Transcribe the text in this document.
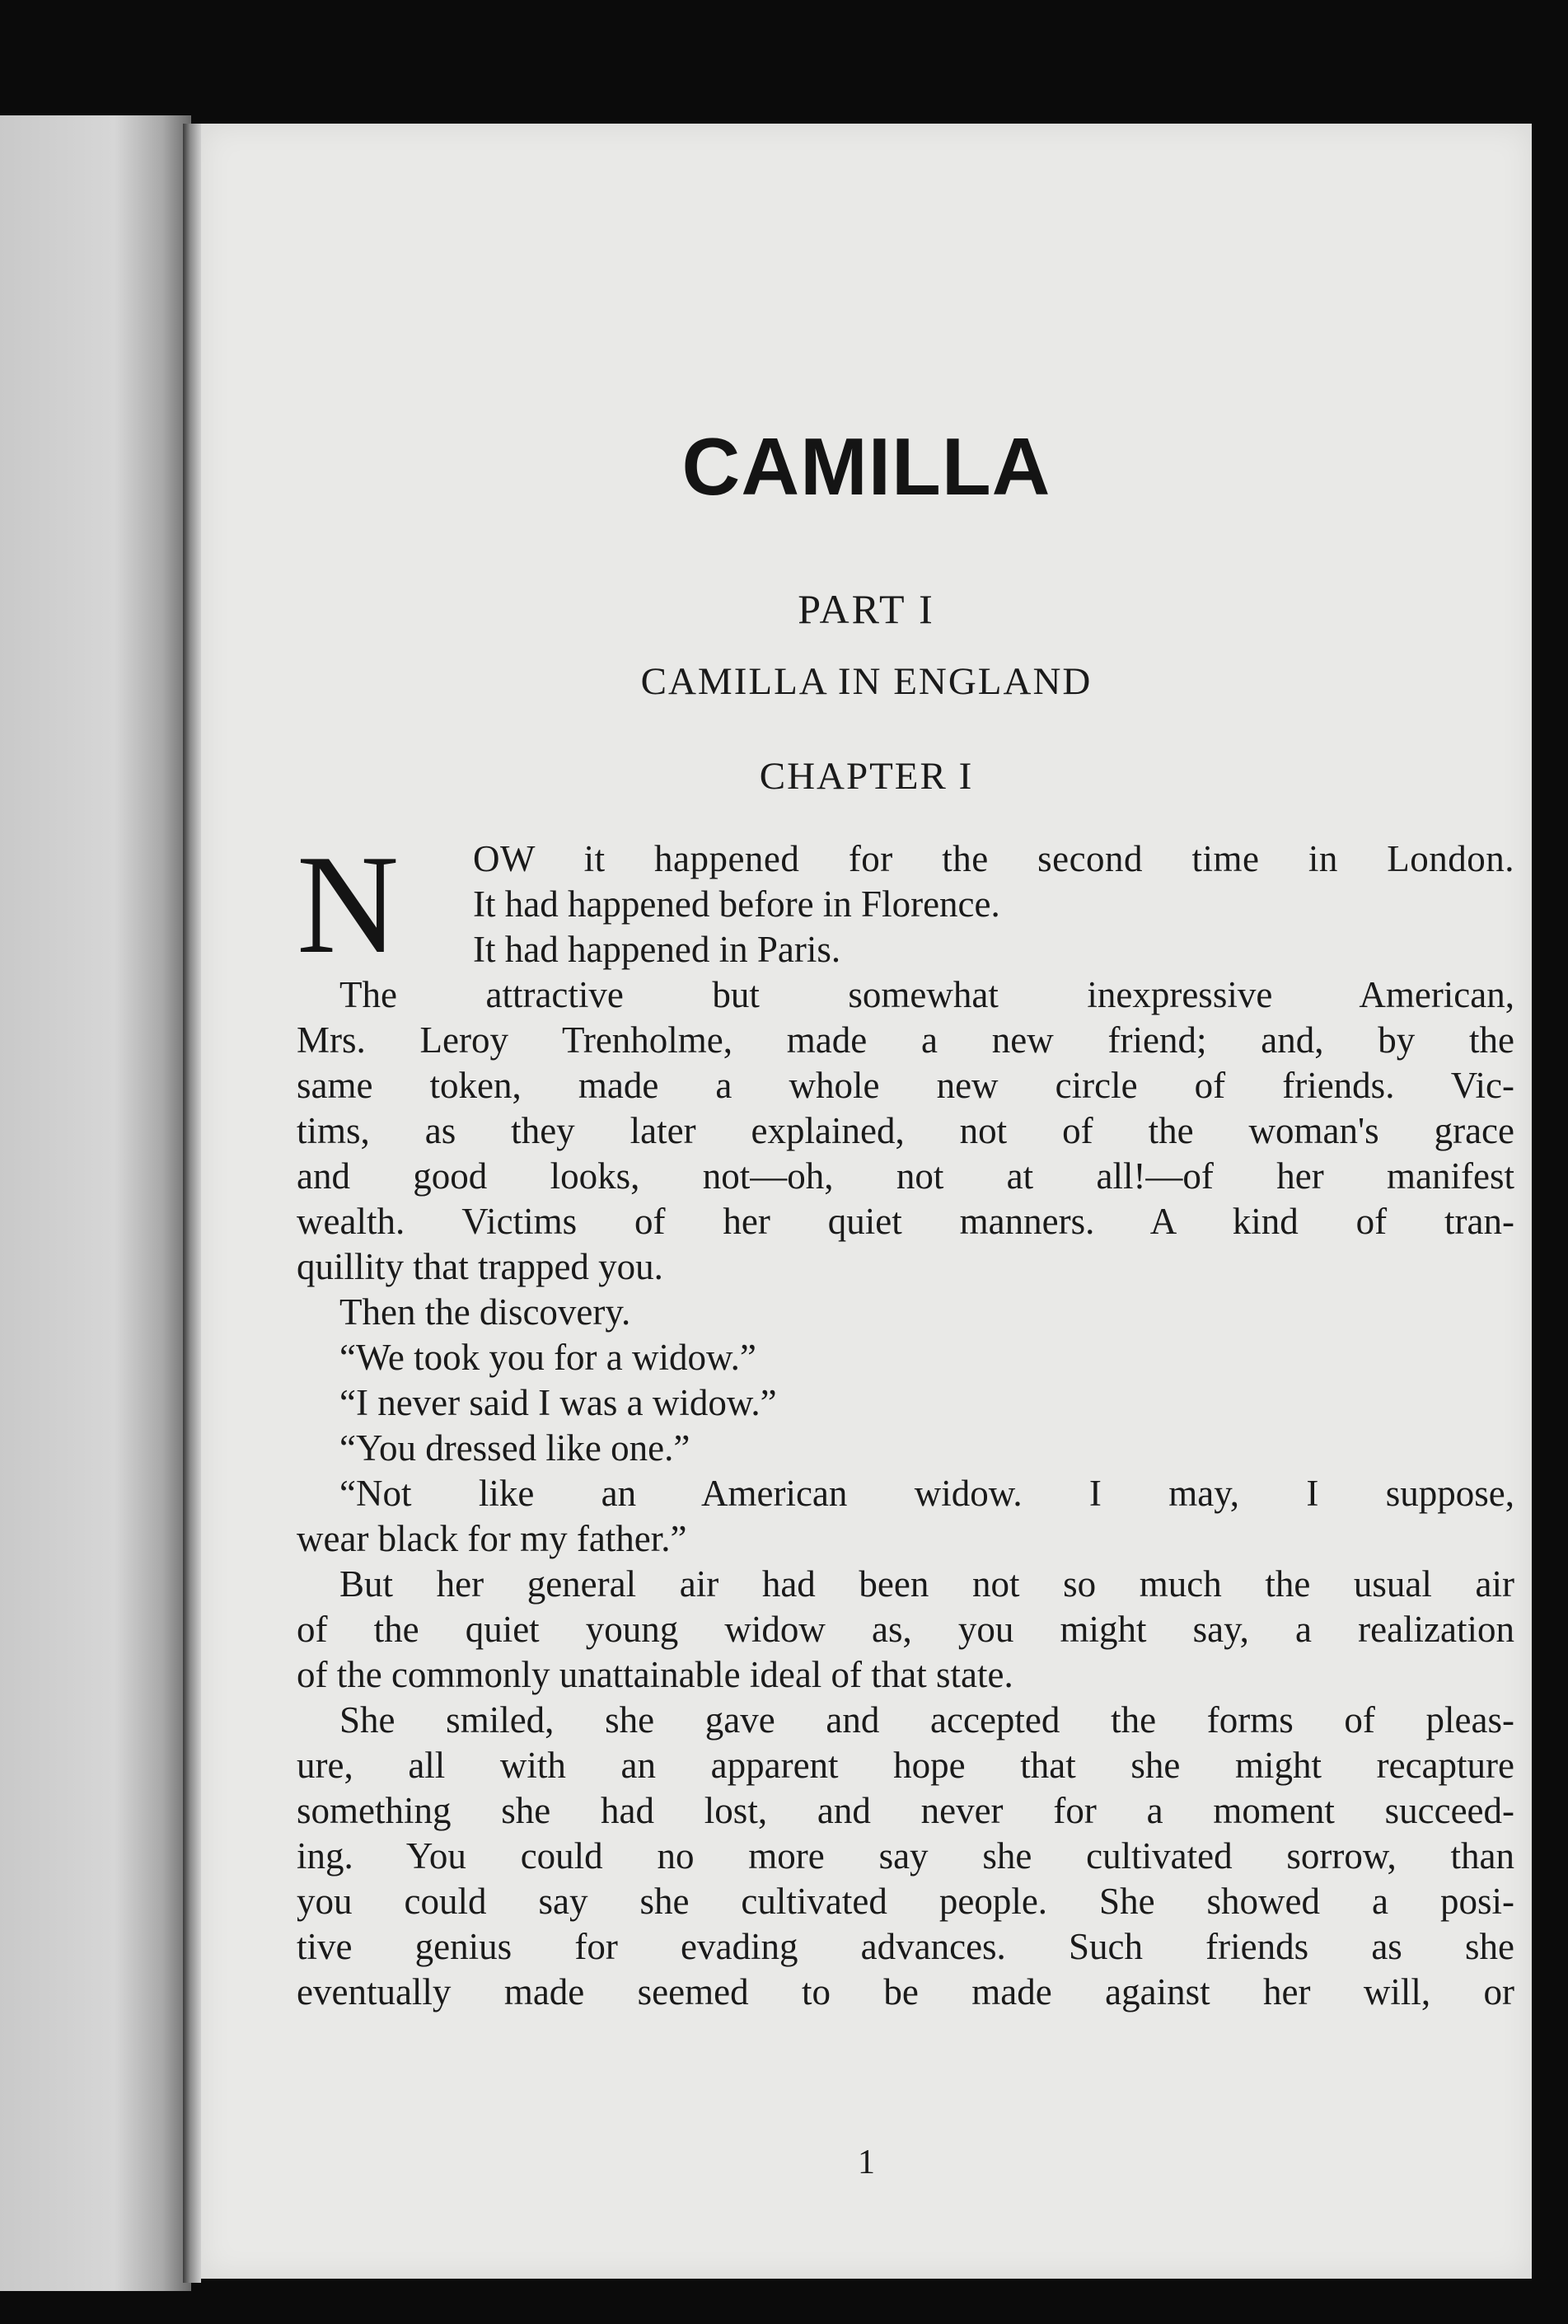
CAMILLA
PART I
CAMILLA IN ENGLAND
CHAPTER I
N	OW it happened for the second time in London.
It had happened before in Florence.
It had happened in Paris.
The attractive but somewhat inexpressive American,
Mrs. Leroy Trenholme, made a new friend; and, by the
same token, made a whole new circle of friends. Vic-
tims, as they later explained, not of the woman's grace
and good looks, not—oh, not at all!—of her manifest
wealth. Victims of her quiet manners. A kind of tran-
quillity that trapped you.
Then the discovery.
“We took you for a widow.”
“I never said I was a widow.”
“You dressed like one.”
“Not like an American widow. I may, I suppose,
wear black for my father.”
But her general air had been not so much the usual air
of the quiet young widow as, you might say, a realization
of the commonly unattainable ideal of that state.
She smiled, she gave and accepted the forms of pleas-
ure, all with an apparent hope that she might recapture
something she had lost, and never for a moment succeed-
ing. You could no more say she cultivated sorrow, than
you could say she cultivated people. She showed a posi-
tive genius for evading advances. Such friends as she
eventually made seemed to be made against her will, or
1
